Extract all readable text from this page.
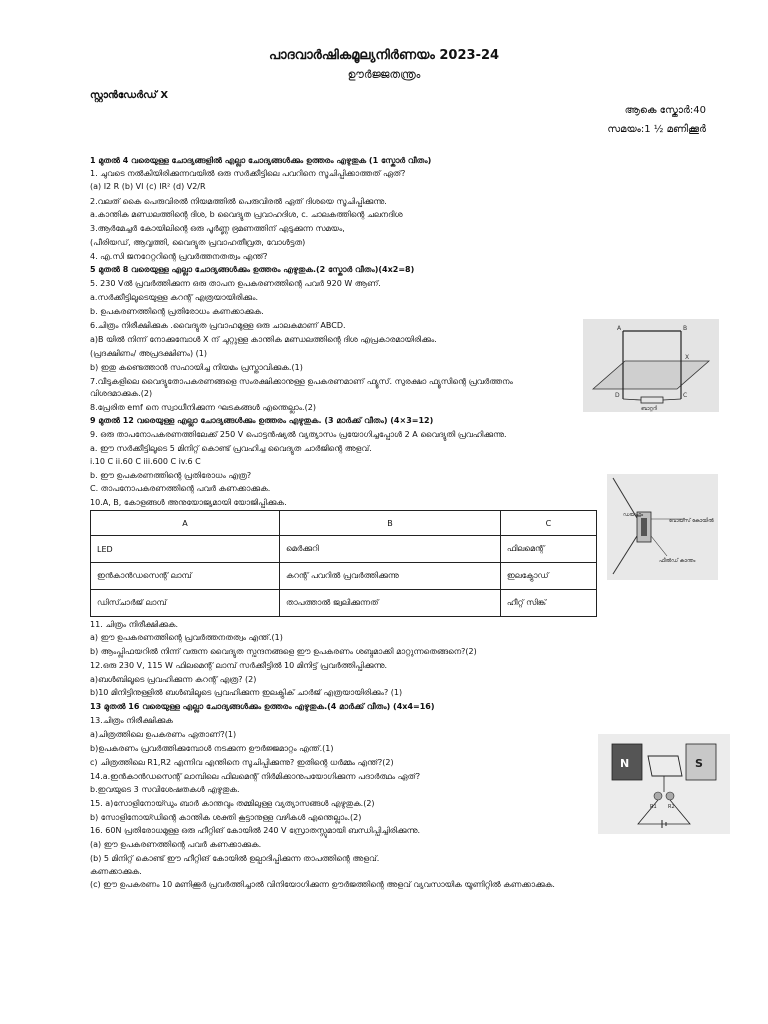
പാദവാർഷികമൂല്യനിർണയം 2023-24
ഊർജ്ജതന്ത്രം
സ്റ്റാൻഡേർഡ് X
ആകെ സ്കോർ:40
സമയം:1 ½ മണിക്കൂർ
1 മുതൽ 4 വരെയുള്ള ചോദ്യങ്ങളിൽ എല്ലാ ചോദ്യങ്ങൾക്കും ഉത്തരം എഴുതുക (1 സ്കോർ വീതം)
1. ചുവടെ നൽകിയിരിക്കുന്നവയിൽ ഒരു സർക്കീട്ടിലെ പവറിനെ സൂചിപ്പിക്കാത്തത് ഏത്?
(a) I2 R (b) VI (c) IR² (d) V2/R
2.വലത് കൈ പെരുവിരൽ നിയമത്തിൽ പെരുവിരൽ ഏത് ദിശയെ സൂചിപ്പിക്കുന്നു.
a.കാന്തിക മണ്ഡലത്തിന്റെ ദിശ, b വൈദ്യുത പ്രവാഹദിശ, c. ചാലകത്തിന്റെ ചലനദിശ
3.ആർമേച്ചർ കോയിലിന്റെ ഒരു പൂർണ്ണ ഭ്രമണത്തിന് എടുക്കുന്ന സമയം,
(പീരിയഡ്, ആവൃത്തി, വൈദ്യുത പ്രവാഹതീവ്രത, വോൾട്ടത)
4. എ.സി ജനറേറ്ററിന്റെ പ്രവർത്തനതത്വം എന്ത്?
5 മുതൽ 8 വരെയുള്ള എല്ലാ ചോദ്യങ്ങൾക്കും ഉത്തരം എഴുതുക.(2 സ്കോർ വീതം)(4x2=8)
5. 230 Vൽ പ്രവർത്തിക്കുന്ന ഒരു താപന ഉപകരണത്തിന്റെ പവർ 920 W ആണ്.
a.സർക്കീട്ടിലൂടെയുള്ള കറന്റ് എത്രയായിരിക്കും.
b. ഉപകരണത്തിന്റെ പ്രതിരോധം കണക്കാക്കുക.
6.ചിത്രം നിരീക്ഷിക്കുക .വൈദ്യുത പ്രവാഹമുള്ള ഒരു ചാലകമാണ് ABCD.
a)B യിൽ നിന്ന് നോക്കുമ്പോൾ X ന് ചുറ്റുള്ള കാന്തിക മണ്ഡലത്തിന്റെ ദിശ എപ്രകാരമായിരിക്കും.
(പ്രദക്ഷിണം/ അപ്രദക്ഷിണം) (1)
b) ഇതു കണ്ടെത്താൻ സഹായിച്ച നിയമം പ്രസ്താവിക്കുക.(1)
7.വീടുകളിലെ വൈദ്യുതോപകരണങ്ങളെ സംരക്ഷിക്കാനുള്ള ഉപകരണമാണ് ഫ്യൂസ്. സുരക്ഷാ ഫ്യൂസിന്റെ പ്രവർത്തനം
വിശദമാക്കുക.(2)
8.പ്രേരിത emf നെ സ്വാധീനിക്കുന്ന ഘടകങ്ങൾ എന്തെല്ലാം.(2)
9 മുതൽ 12 വരെയുള്ള എല്ലാ ചോദ്യങ്ങൾക്കും ഉത്തരം എഴുതുക. (3 മാർക്ക് വീതം) (4×3=12)
9. ഒരു താപനോപകരണത്തിലേക്ക് 250 V പൊട്ടൻഷ്യൽ വ്യത്യാസം പ്രയോഗിച്ചപ്പോൾ 2 A വൈദ്യുതി പ്രവഹിക്കുന്നു.
a. ഈ സർക്കീട്ടിലൂടെ 5 മിനിറ്റ് കൊണ്ട് പ്രവഹിച്ച വൈദ്യുത ചാർജിന്റെ അളവ്.
i.10 C ii.60 C iii.600 C iv.6 C
b. ഈ ഉപകരണത്തിന്റെ പ്രതിരോധം എത്ര?
C. താപനോപകരണത്തിന്റെ പവർ കണക്കാക്കുക.
10.A, B, കോളങ്ങൾ അനുയോജ്യമായി യോജിപ്പിക്കുക.
A	B	C
LED	മെർക്കുറി	ഫിലമെന്റ്
ഇൻകാൻഡസെന്റ് ലാമ്പ്	കറന്റ് പവറിൽ പ്രവർത്തിക്കുന്നു	ഇലക്ട്രോഡ്
ഡിസ്ചാർജ് ലാമ്പ്	താപത്താൽ ജ്വലിക്കുന്നത്	ഹീറ്റ് സിങ്ക്
11. ചിത്രം നിരീക്ഷിക്കുക.
a) ഈ ഉപകരണത്തിന്റെ പ്രവർത്തനതത്വം എന്ത്.(1)
b) ആംപ്ലിഫയറിൽ നിന്ന് വരുന്ന വൈദ്യുത സ്പന്ദനങ്ങളെ ഈ ഉപകരണം ശബ്ദമാക്കി മാറ്റുന്നതെങ്ങനെ?(2)
12.ഒരു 230 V, 115 W ഫിലമെന്റ് ലാമ്പ് സർക്കീട്ടിൽ 10 മിനിട്ട് പ്രവർത്തിപ്പിക്കുന്നു.
a)ബൾബിലൂടെ പ്രവഹിക്കുന്ന കറന്റ് എത്ര? (2)
b)10 മിനിട്ടിനുള്ളിൽ ബൾബിലൂടെ പ്രവഹിക്കുന്ന ഇലക്ട്രിക് ചാർജ് എത്രയായിരിക്കും? (1)
13 മുതൽ 16 വരെയുള്ള എല്ലാ ചോദ്യങ്ങൾക്കും ഉത്തരം എഴുതുക.(4 മാർക്ക് വീതം) (4x4=16)
13.ചിത്രം നിരീക്ഷിക്കുക
a)ചിത്രത്തിലെ ഉപകരണം ഏതാണ്?(1)
b)ഉപകരണം പ്രവർത്തിക്കുമ്പോൾ നടക്കുന്ന ഊർജ്ജമാറ്റം എന്ത്.(1)
c) ചിത്രത്തിലെ R1,R2 എന്നിവ എന്തിനെ സൂചിപ്പിക്കുന്നു? ഇതിന്റെ ധർമ്മം എന്ത്?(2)
14.a.ഇൻകാൻഡസെന്റ് ലാമ്പിലെ ഫിലമെന്റ് നിർമിക്കാനുപയോഗിക്കുന്ന പദാർത്ഥം ഏത്?
b.ഇവയുടെ 3 സവിശേഷതകൾ എഴുതുക.
15. a)സോളിനോയ്ഡും ബാർ കാന്തവും തമ്മിലുള്ള വ്യത്യാസങ്ങൾ എഴുതുക.(2)
b) സോളിനോയ്ഡിന്റെ കാന്തിക ശക്തി കൂട്ടാനുള്ള വഴികൾ എന്തെല്ലാം.(2)
16. 60N പ്രതിരോധമുള്ള ഒരു ഹീറ്റിങ് കോയിൽ 240 V സ്രോതസ്സുമായി ബന്ധിപ്പിച്ചിരിക്കുന്നു.
(a) ഈ ഉപകരണത്തിന്റെ പവർ കണക്കാക്കുക.
(b) 5 മിനിറ്റ് കൊണ്ട് ഈ ഹീറ്റിങ് കോയിൽ ഉല്പാദിപ്പിക്കുന്ന താപത്തിന്റെ അളവ്.
കണക്കാക്കുക.
(c) ഈ ഉപകരണം 10 മണിക്കൂർ പ്രവർത്തിച്ചാൽ വിനിയോഗിക്കുന്ന ഊർജത്തിന്റെ അളവ് വ്യവസായിക യൂണിറ്റിൽ കണക്കാക്കുക.
A	B
C
D
X
ബാറ്ററി
ഡയഫ്രം
വോയ്സ് കോയിൽ
ഫീൽഡ് കാന്തം
N	S
R1 R2
